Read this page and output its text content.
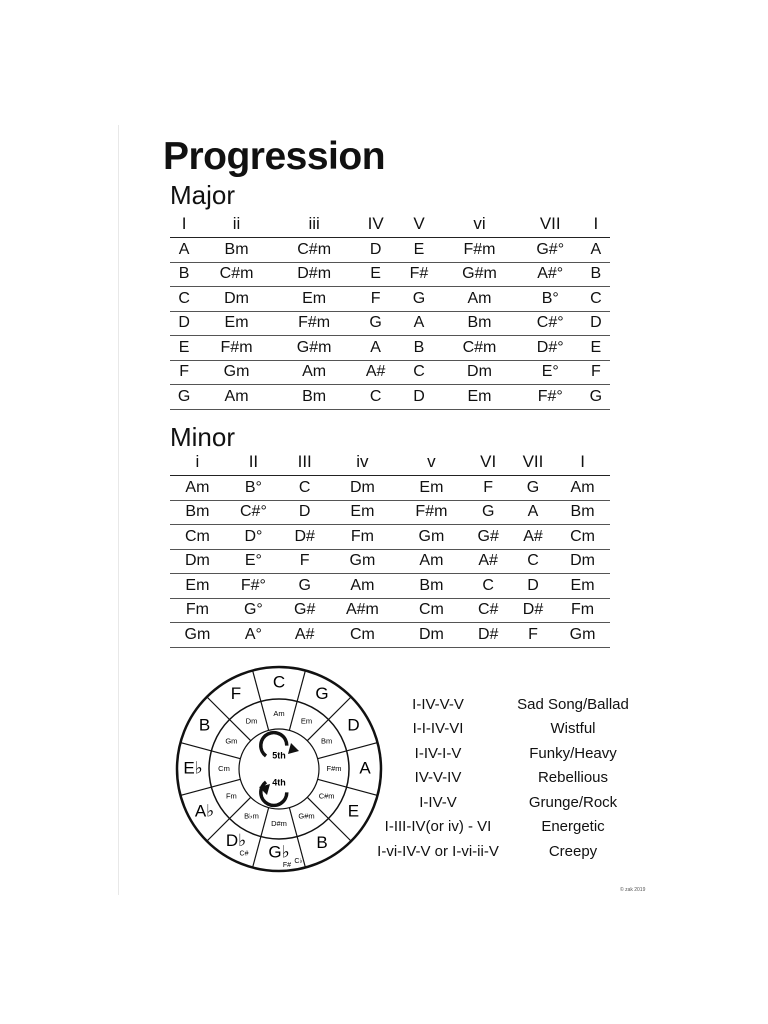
Progression
Major
I	ii	iii	IV	V	vi	VII	I
A	Bm	C#m	D	E	F#m	G#°	A
B	C#m	D#m	E	F#	G#m	A#°	B
C	Dm	Em	F	G	Am	B°	C
D	Em	F#m	G	A	Bm	C#°	D
E	F#m	G#m	A	B	C#m	D#°	E
F	Gm	Am	A#	C	Dm	E°	F
G	Am	Bm	C	D	Em	F#°	G
Minor
i	II	III	iv	v	VI	VII	I
Am	B°	C	Dm	Em	F	G	Am
Bm	C#°	D	Em	F#m	G	A	Bm
Cm	D°	D#	Fm	Gm	G#	A#	Cm
Dm	E°	F	Gm	Am	A#	C	Dm
Em	F#°	G	Am	Bm	C	D	Em
Fm	G°	G#	A#m	Cm	C#	D#	Fm
Gm	A°	A#	Cm	Dm	D#	F	Gm
C
G
D
A
E
B
G♭
F#
D♭
C#
A♭
E♭
B
F
Am
Em
Bm
F#m
C#m
G#m
D#m
B♭m
Fm
Cm
Gm
Dm
C♭
5th
4th
I-IV-V-V	Sad Song/Ballad
I-I-IV-VI	Wistful
I-IV-I-V	Funky/Heavy
IV-V-IV	Rebellious
I-IV-V	Grunge/Rock
I-III-IV(or iv) - VI	Energetic
I-vi-IV-V or I-vi-ii-V	Creepy
© zak 2019
